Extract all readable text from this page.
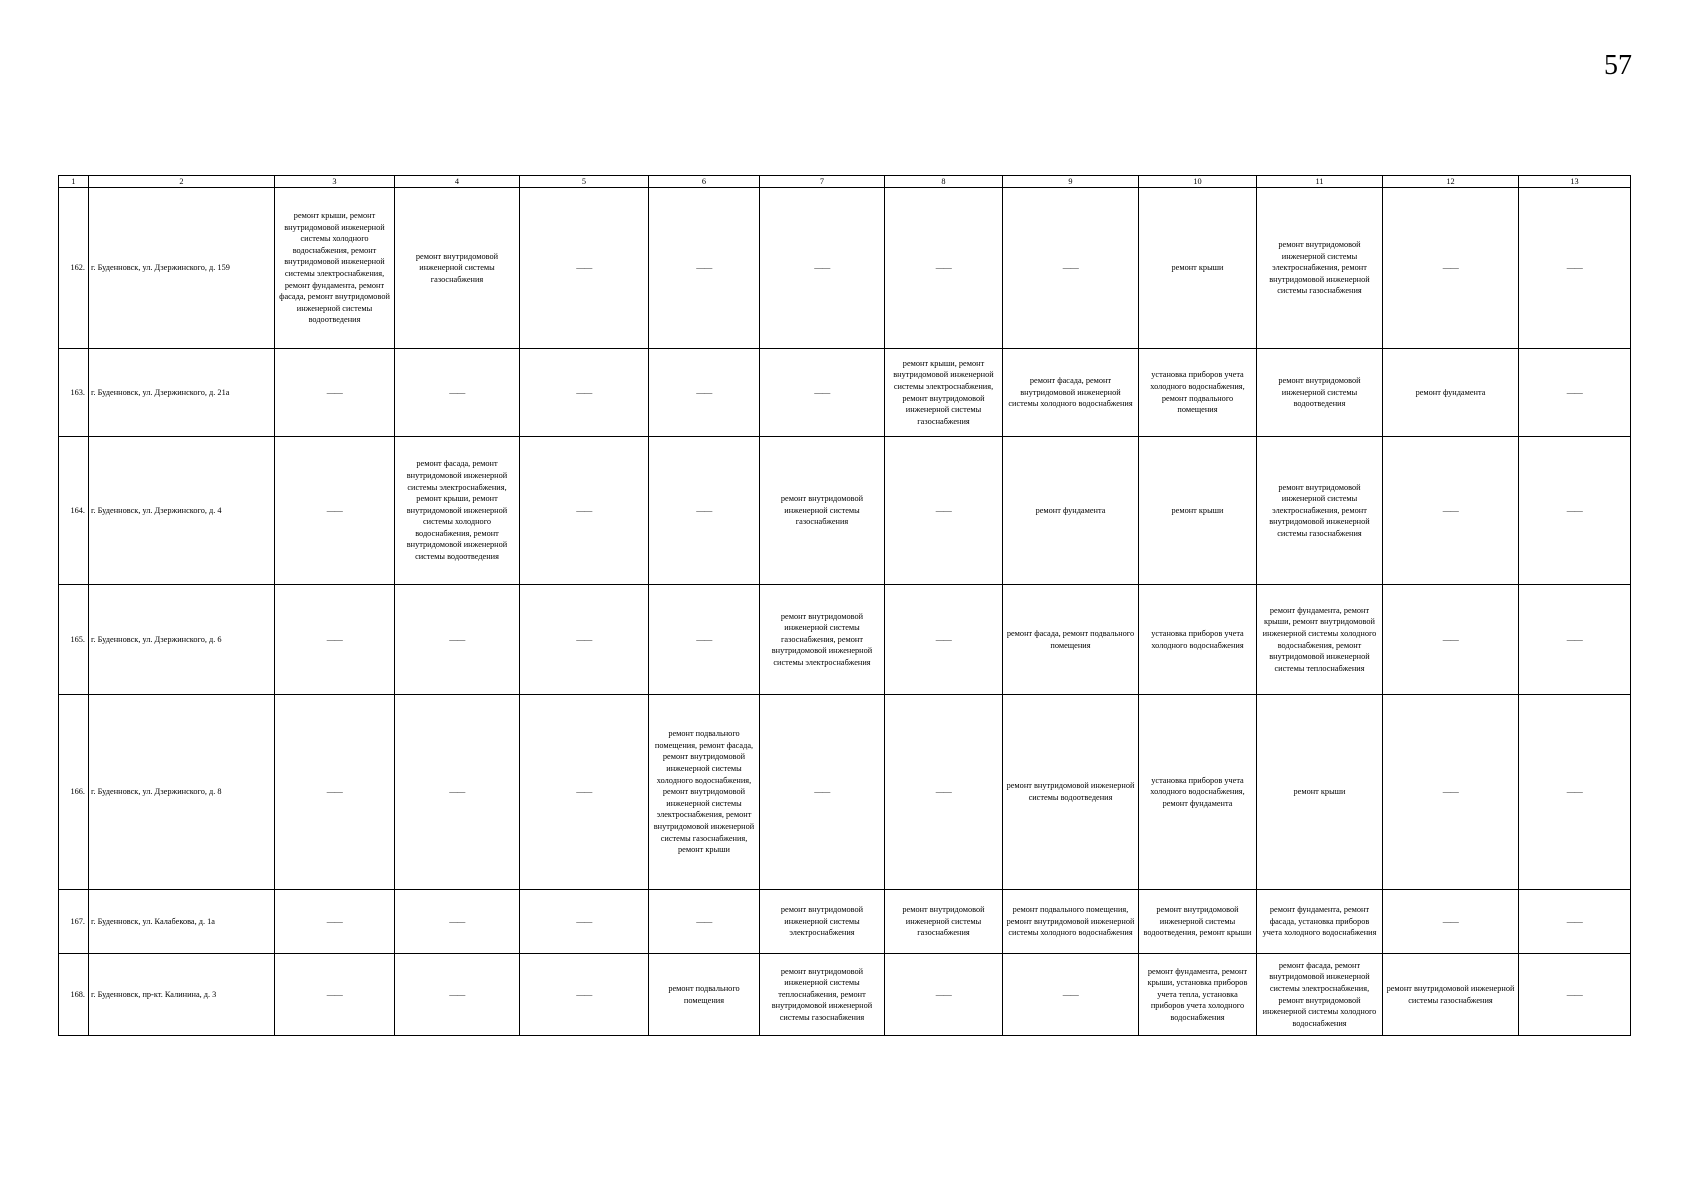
57
1	2	3	4	5	6	7	8	9	10	11	12	13
162.	г. Буденновск, ул. Дзержинского, д. 159	ремонт крыши, ремонт внутридомовой инженерной системы холодного водоснабжения, ремонт внутридомовой инженерной системы электроснабжения, ремонт фундамента, ремонт фасада, ремонт внутридомовой инженерной системы водоотведения	ремонт внутридомовой инженерной системы газоснабжения	——	——	——	——	——	ремонт крыши	ремонт внутридомовой инженерной системы электроснабжения, ремонт внутридомовой инженерной системы газоснабжения	——	——
163.	г. Буденновск, ул. Дзержинского, д. 21а	——	——	——	——	——	ремонт крыши, ремонт внутридомовой инженерной системы электроснабжения, ремонт внутридомовой инженерной системы газоснабжения	ремонт фасада, ремонт внутридомовой инженерной системы холодного водоснабжения	установка приборов учета холодного водоснабжения, ремонт подвального помещения	ремонт внутридомовой инженерной системы водоотведения	ремонт фундамента	——
164.	г. Буденновск, ул. Дзержинского, д. 4	——	ремонт фасада, ремонт внутридомовой инженерной системы электроснабжения, ремонт крыши, ремонт внутридомовой инженерной системы холодного водоснабжения, ремонт внутридомовой инженерной системы водоотведения	——	——	ремонт внутридомовой инженерной системы газоснабжения	——	ремонт фундамента	ремонт крыши	ремонт внутридомовой инженерной системы электроснабжения, ремонт внутридомовой инженерной системы газоснабжения	——	——
165.	г. Буденновск, ул. Дзержинского, д. 6	——	——	——	——	ремонт внутридомовой инженерной системы газоснабжения, ремонт внутридомовой инженерной системы электроснабжения	——	ремонт фасада, ремонт подвального помещения	установка приборов учета холодного водоснабжения	ремонт фундамента, ремонт крыши, ремонт внутридомовой инженерной системы холодного водоснабжения, ремонт внутридомовой инженерной системы теплоснабжения	——	——
166.	г. Буденновск, ул. Дзержинского, д. 8	——	——	——	ремонт подвального помещения, ремонт фасада, ремонт внутридомовой инженерной системы холодного водоснабжения, ремонт внутридомовой инженерной системы электроснабжения, ремонт внутридомовой инженерной системы газоснабжения, ремонт крыши	——	——	ремонт внутридомовой инженерной системы водоотведения	установка приборов учета холодного водоснабжения, ремонт фундамента	ремонт крыши	——	——
167.	г. Буденновск, ул. Калабекова, д. 1а	——	——	——	——	ремонт внутридомовой инженерной системы электроснабжения	ремонт внутридомовой инженерной системы газоснабжения	ремонт подвального помещения, ремонт внутридомовой инженерной системы холодного водоснабжения	ремонт внутридомовой инженерной системы водоотведения, ремонт крыши	ремонт фундамента, ремонт фасада, установка приборов учета холодного водоснабжения	——	——
168.	г. Буденновск, пр-кт. Калинина, д. 3	——	——	——	ремонт подвального помещения	ремонт внутридомовой инженерной системы теплоснабжения, ремонт внутридомовой инженерной системы газоснабжения	——	——	ремонт фундамента, ремонт крыши, установка приборов учета тепла, установка приборов учета холодного водоснабжения	ремонт фасада, ремонт внутридомовой инженерной системы электроснабжения, ремонт внутридомовой инженерной системы холодного водоснабжения	ремонт внутридомовой инженерной системы газоснабжения	——
